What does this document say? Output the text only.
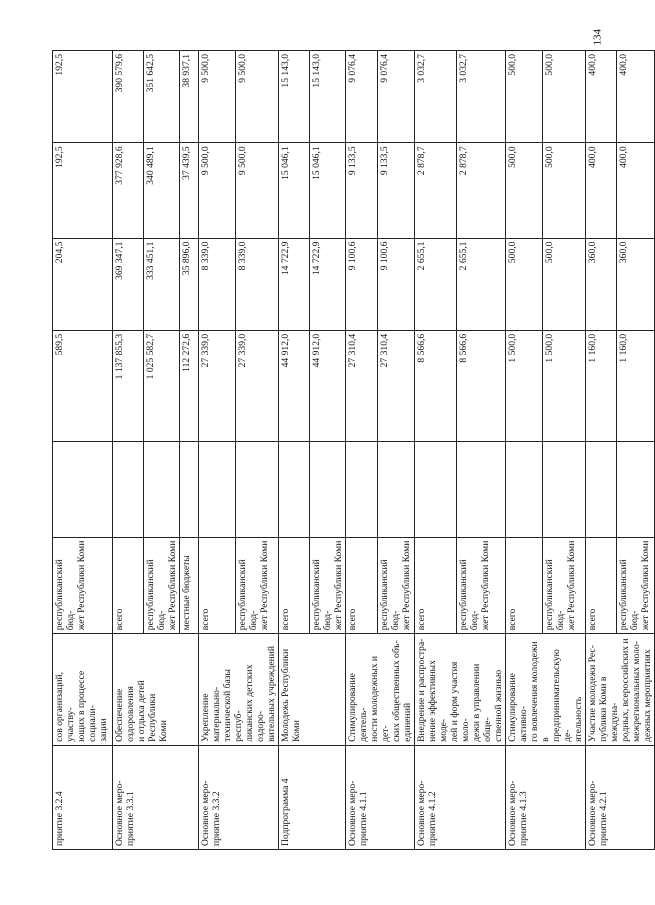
134
приятие 3.2.4	сов организаций, участву-
ющих в процессе социали-
зации	республиканский бюд-
жет Республики Коми		589,5	204,5	192,5	192,5
Основное меро-
приятие 3.3.1	Обеспечение оздоровления
и отдыха детей Республики
Коми	всего		1 137 855,3	369 347,1	377 928,6	390 579,6
		республиканский бюд-
жет Республики Коми		1 025 582,7	333 451,1	340 489,1	351 642,5
		местные бюджеты		112 272,6	35 896,0	37 439,5	38 937,1
Основное меро-
приятие 3.3.2	Укрепление материально-
технической базы респуб-
ликанских детских оздоро-
вительных учреждений	всего		27 339,0	8 339,0	9 500,0	9 500,0
		республиканский бюд-
жет Республики Коми		27 339,0	8 339,0	9 500,0	9 500,0
Подпрограмма 4	Молодежь Республики
Коми	всего		44 912,0	14 722,9	15 046,1	15 143,0
		республиканский бюд-
жет Республики Коми		44 912,0	14 722,9	15 046,1	15 143,0
Основное меро-
приятие 4.1.1	Стимулирование деятель-
ности молодежных и дет-
ских общественных объ-
единений	всего		27 310,4	9 100,6	9 133,5	9 076,4
		республиканский бюд-
жет Республики Коми		27 310,4	9 100,6	9 133,5	9 076,4
Основное меро-
приятие 4.1.2	Внедрение и распростра-
нение эффективных моде-
лей и форм участия моло-
дежи в управлении обще-
ственной жизнью	всего		8 566,6	2 655,1	2 878,7	3 032,7
		республиканский бюд-
жет Республики Коми		8 566,6	2 655,1	2 878,7	3 032,7
Основное меро-
приятие 4.1.3	Стимулирование активно-
го вовлечения молодежи в
предпринимательскую де-
ятельность	всего		1 500,0	500,0	500,0	500,0
		республиканский бюд-
жет Республики Коми		1 500,0	500,0	500,0	500,0
Основное меро-
приятие 4.2.1	Участие молодежи Рес-
публики Коми в междуна-
родных, всероссийских и
межрегиональных моло-
дежных мероприятиях	всего		1 160,0	360,0	400,0	400,0
		республиканский бюд-
жет Республики Коми		1 160,0	360,0	400,0	400,0
